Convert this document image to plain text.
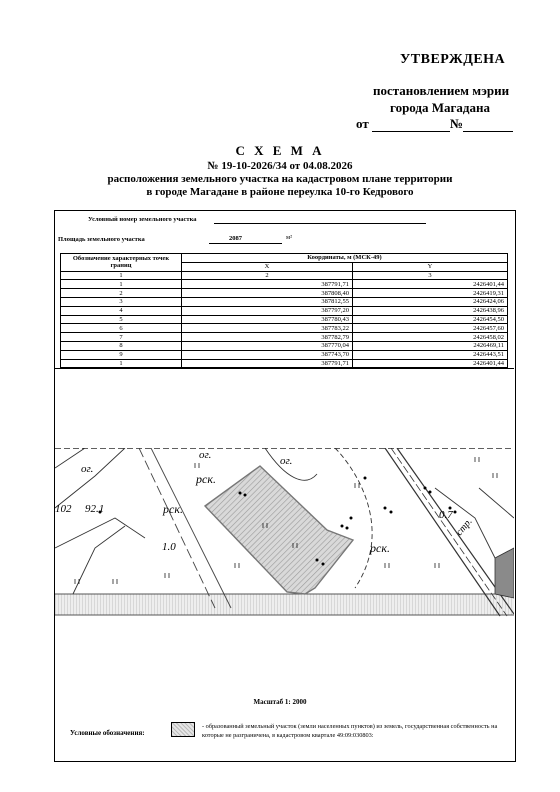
УТВЕРЖДЕНА
постановлением мэрии
города Магадана
от	№
С Х Е М А
№ 19-10-2026/34 от 04.08.2026
расположения земельного участка на кадастровом плане территории
в городе Магадане в районе переулка 10-го Кедрового
Условный номер земельного участка
Площадь земельного участка	2087	м²
Обозначение характерных точек границ	Координаты, м (МСК-49)	
	X	Y
1	2	3
1	387791,71	2426401,44
2	387808,40	2426419,31
3	387812,55	2426424,06
4	387797,20	2426438,96
5	387780,43	2426454,50
6	387783,22	2426457,60
7	387782,79	2426458,02
8	387770,04	2426469,11
9	387743,70	2426443,51
1	387791,71	2426401,44
ог.
ог.	ог.
рск.
рск.
рск.
102 92.1
1.0
0.7
стр.
Масштаб 1: 2000
Условные обозначения:
- образованный земельный участок (земли населенных пунктов) из земель, государственная собственность на которые не разграничена, в кадастровом квартале 49:09:030803:
